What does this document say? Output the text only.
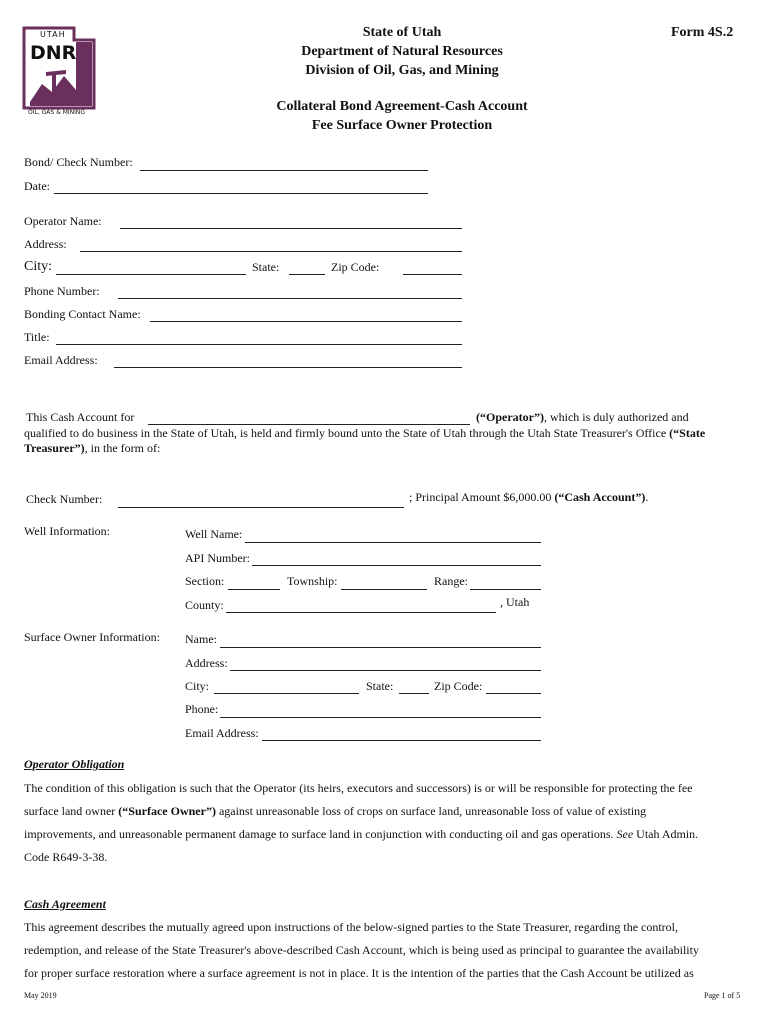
UTAH
DNR
OIL, GAS & MINING
State of Utah
Department of Natural Resources
Division of Oil, Gas, and Mining
Form 4S.2
Collateral Bond Agreement-Cash Account
Fee Surface Owner Protection
Bond/ Check Number:
Date:
Operator Name:
Address:
City:	State:	Zip Code:
Phone Number:
Bonding Contact Name:
Title:
Email Address:
This Cash Account for	(“Operator”), which is duly authorized and
qualified to do business in the State of Utah, is held and firmly bound unto the State of Utah through the Utah State Treasurer's Office (“State
Treasurer”), in the form of:
Check Number:	; Principal Amount $6,000.00 (“Cash Account”).
Well Information:	Well Name:
API Number:
Section:	Township:	Range:
County:	, Utah
Surface Owner Information: Name:
Address:
City:	State:	Zip Code:
Phone:
Email Address:
Operator Obligation
The condition of this obligation is such that the Operator (its heirs, executors and successors) is or will be responsible for protecting the fee
surface land owner (“Surface Owner”) against unreasonable loss of crops on surface land, unreasonable loss of value of existing
improvements, and unreasonable permanent damage to surface land in conjunction with conducting oil and gas operations. See Utah Admin.
Code R649-3-38.
Cash Agreement
This agreement describes the mutually agreed upon instructions of the below-signed parties to the State Treasurer, regarding the control,
redemption, and release of the State Treasurer's above-described Cash Account, which is being used as principal to guarantee the availability
for proper surface restoration where a surface agreement is not in place. It is the intention of the parties that the Cash Account be utilized as
May 2019	Page 1 of 5
